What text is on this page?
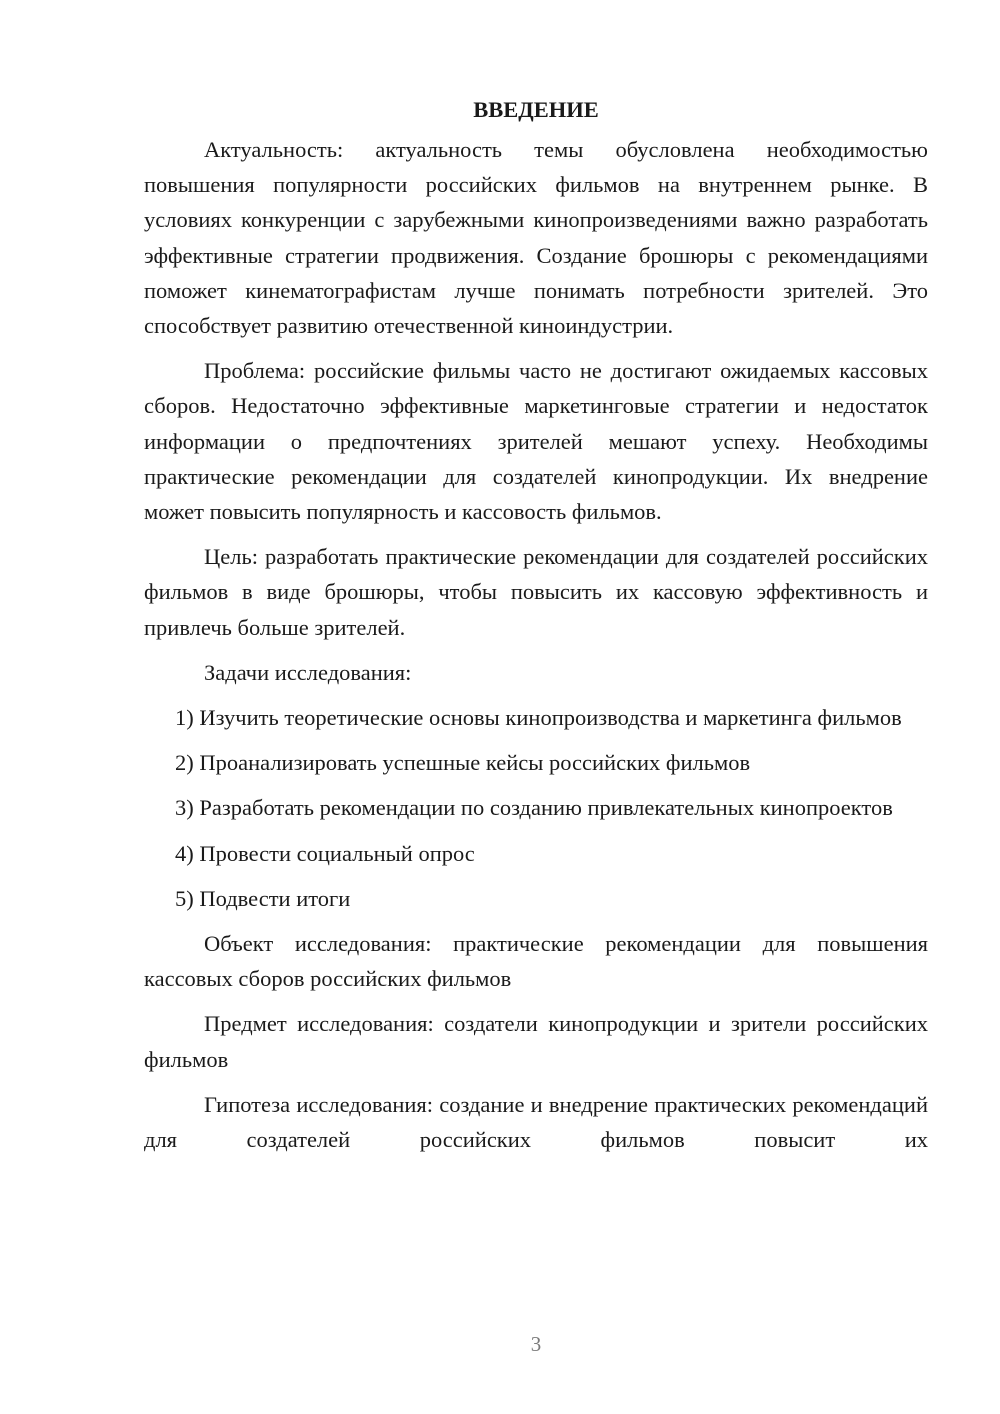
ВВЕДЕНИЕ

Актуальность: актуальность темы обусловлена необходимостью повышения популярности российских фильмов на внутреннем рынке. В условиях конкуренции с зарубежными кинопроизведениями важно разработать эффективные стратегии продвижения. Создание брошюры с рекомендациями поможет кинематографистам лучше понимать потребности зрителей. Это способствует развитию отечественной киноиндустрии.

Проблема: российские фильмы часто не достигают ожидаемых кассовых сборов. Недостаточно эффективные маркетинговые стратегии и недостаток информации о предпочтениях зрителей мешают успеху. Необходимы практические рекомендации для создателей кинопродукции. Их внедрение может повысить популярность и кассовость фильмов.

Цель: разработать практические рекомендации для создателей российских фильмов в виде брошюры, чтобы повысить их кассовую эффективность и привлечь больше зрителей.

Задачи исследования:

1) Изучить теоретические основы кинопроизводства и маркетинга фильмов

2) Проанализировать успешные кейсы российских фильмов

3) Разработать рекомендации по созданию привлекательных кинопроектов

4) Провести социальный опрос

5) Подвести итоги

Объект исследования: практические рекомендации для повышения кассовых сборов российских фильмов

Предмет исследования: создатели кинопродукции и зрители российских фильмов

Гипотеза исследования: создание и внедрение практических рекомендаций для создателей российских фильмов повысит их

3
